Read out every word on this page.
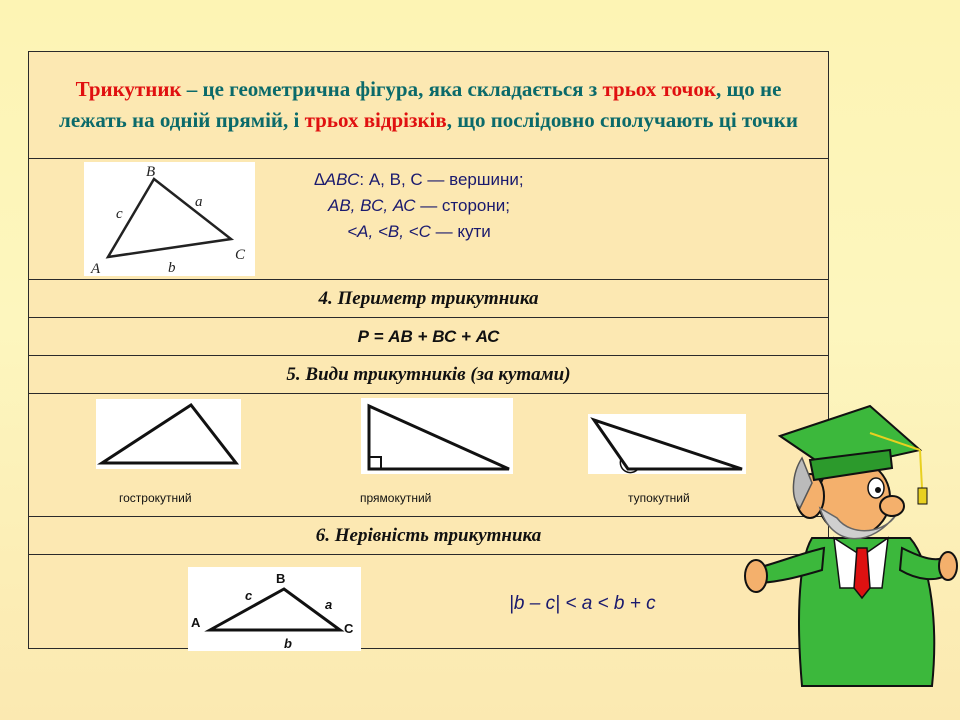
Трикутник – це геометрична фігура, яка складається з трьох точок, що не лежать на одній прямій, і трьох відрізків, що послідовно сполучають ці точки
B
a
c
A	b
C
∆АВС: А, В, С — вершини;
АВ, ВС, АС — сторони;
<А, <В, <С — кути
4. Периметр трикутника
Р = АВ + ВС + АС
5. Види трикутників (за кутами)
гострокутний	прямокутний	тупокутний
6. Нерівність трикутника
B
c
a
A	C
b
|b – c| < a < b + c
